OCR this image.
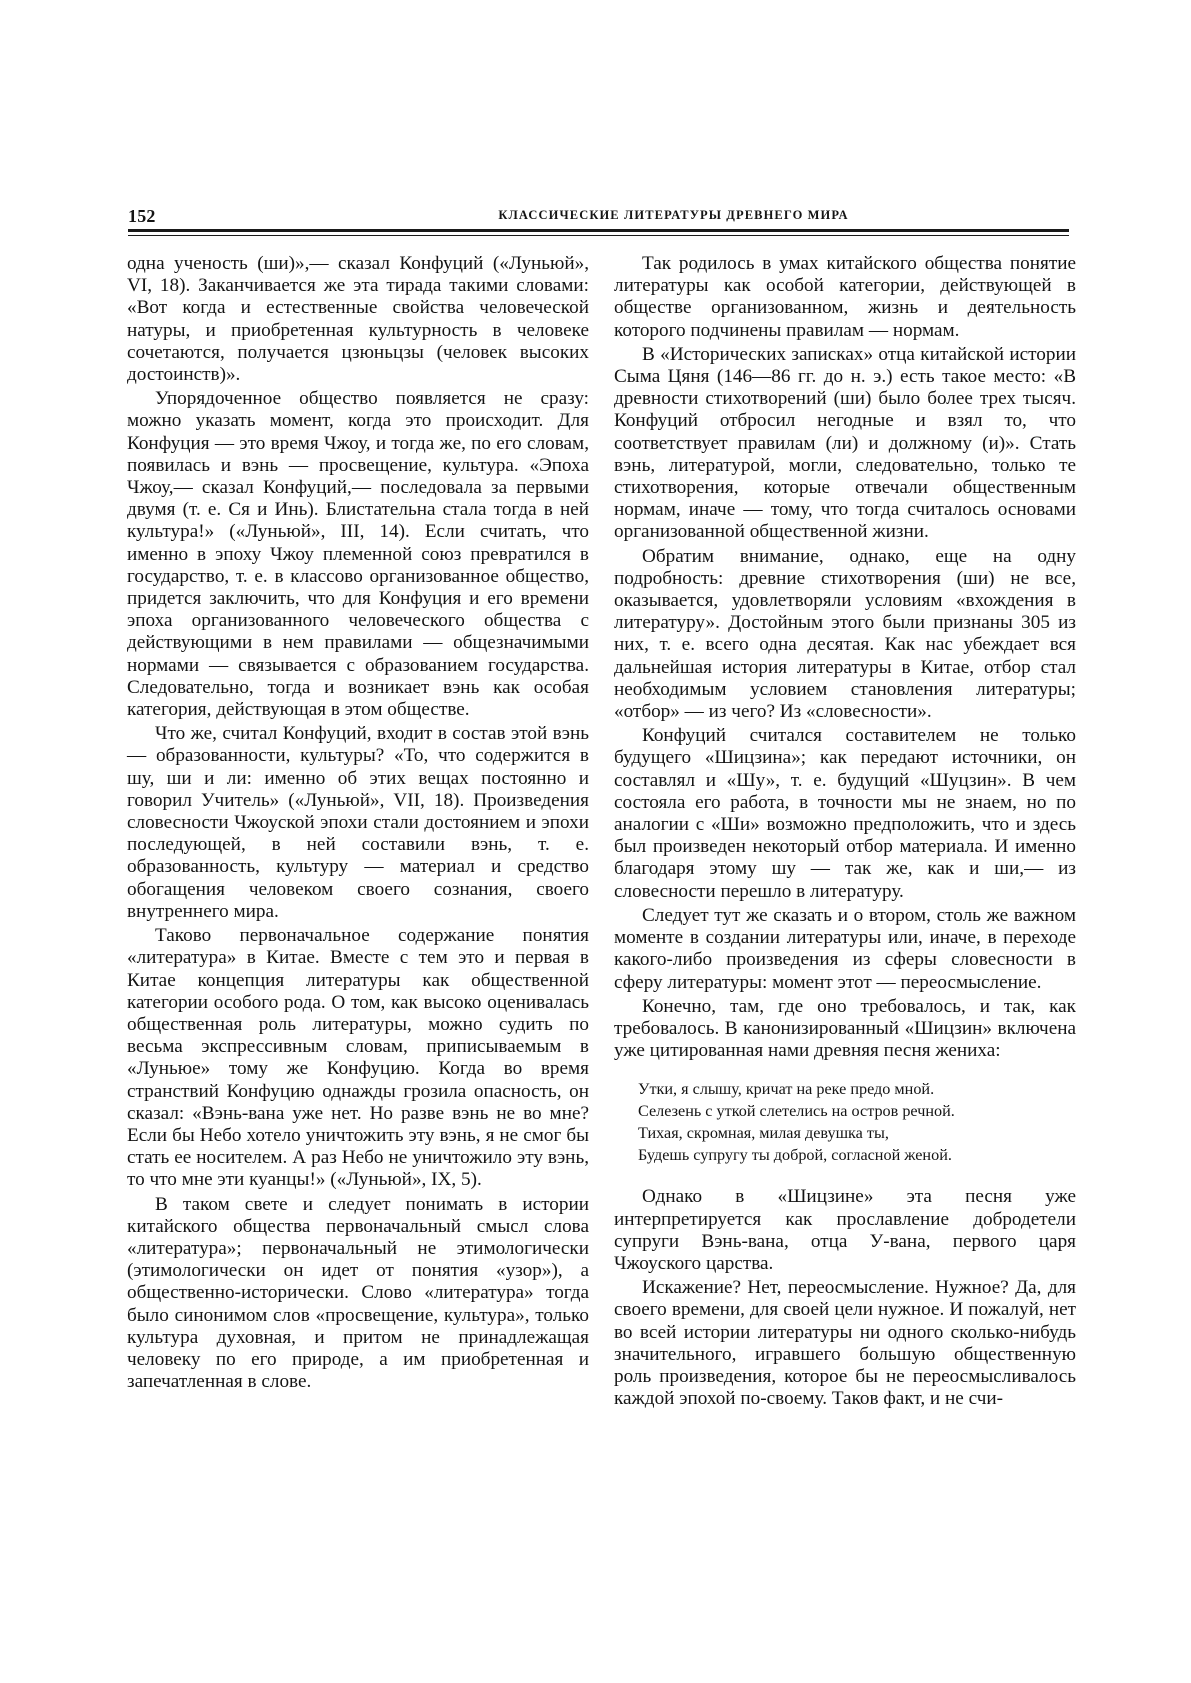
152	КЛАССИЧЕСКИЕ ЛИТЕРАТУРЫ ДРЕВНЕГО МИРА

одна ученость (ши)»,— сказал Конфуций («Луньюй», VI, 18). Заканчивается же эта тирада такими словами: «Вот когда и естественные свойства человеческой натуры, и приобретенная культурность в человеке сочетаются, получается цзюньцзы (человек высоких достоинств)».

Упорядоченное общество появляется не сразу: можно указать момент, когда это происходит. Для Конфуция — это время Чжоу, и тогда же, по его словам, появилась и вэнь — просвещение, культура. «Эпоха Чжоу,— сказал Конфуций,— последовала за первыми двумя (т. е. Ся и Инь). Блистательна стала тогда в ней культура!» («Луньюй», III, 14). Если считать, что именно в эпоху Чжоу племенной союз превратился в государство, т. е. в классово организованное общество, придется заключить, что для Конфуция и его времени эпоха организованного человеческого общества с действующими в нем правилами — общезначимыми нормами — связывается с образованием государства. Следовательно, тогда и возникает вэнь как особая категория, действующая в этом обществе.

Что же, считал Конфуций, входит в состав этой вэнь — образованности, культуры? «То, что содержится в шу, ши и ли: именно об этих вещах постоянно и говорил Учитель» («Луньюй», VII, 18). Произведения словесности Чжоуской эпохи стали достоянием и эпохи последующей, в ней составили вэнь, т. е. образованность, культуру — материал и средство обогащения человеком своего сознания, своего внутреннего мира.

Таково первоначальное содержание понятия «литература» в Китае. Вместе с тем это и первая в Китае концепция литературы как общественной категории особого рода. О том, как высоко оценивалась общественная роль литературы, можно судить по весьма экспрессивным словам, приписываемым в «Луньюе» тому же Конфуцию. Когда во время странствий Конфуцию однажды грозила опасность, он сказал: «Вэнь-вана уже нет. Но разве вэнь не во мне? Если бы Небо хотело уничтожить эту вэнь, я не смог бы стать ее носителем. А раз Небо не уничтожило эту вэнь, то что мне эти куанцы!» («Луньюй», IX, 5).

В таком свете и следует понимать в истории китайского общества первоначальный смысл слова «литература»; первоначальный не этимологически (этимологически он идет от понятия «узор»), а общественно-исторически. Слово «литература» тогда было синонимом слов «просвещение, культура», только культура духовная, и притом не принадлежащая человеку по его природе, а им приобретенная и запечатленная в слове.

Так родилось в умах китайского общества понятие литературы как особой категории, действующей в обществе организованном, жизнь и деятельность которого подчинены правилам — нормам.

В «Исторических записках» отца китайской истории Сыма Цяня (146—86 гг. до н. э.) есть такое место: «В древности стихотворений (ши) было более трех тысяч. Конфуций отбросил негодные и взял то, что соответствует правилам (ли) и должному (и)». Стать вэнь, литературой, могли, следовательно, только те стихотворения, которые отвечали общественным нормам, иначе — тому, что тогда считалось основами организованной общественной жизни.

Обратим внимание, однако, еще на одну подробность: древние стихотворения (ши) не все, оказывается, удовлетворяли условиям «вхождения в литературу». Достойным этого были признаны 305 из них, т. е. всего одна десятая. Как нас убеждает вся дальнейшая история литературы в Китае, отбор стал необходимым условием становления литературы; «отбор» — из чего? Из «словесности».

Конфуций считался составителем не только будущего «Шицзина»; как передают источники, он составлял и «Шу», т. е. будущий «Шуцзин». В чем состояла его работа, в точности мы не знаем, но по аналогии с «Ши» возможно предположить, что и здесь был произведен некоторый отбор материала. И именно благодаря этому шу — так же, как и ши,— из словесности перешло в литературу.

Следует тут же сказать и о втором, столь же важном моменте в создании литературы или, иначе, в переходе какого-либо произведения из сферы словесности в сферу литературы: момент этот — переосмысление.

Конечно, там, где оно требовалось, и так, как требовалось. В канонизированный «Шицзин» включена уже цитированная нами древняя песня жениха:

Утки, я слышу, кричат на реке предо мной.
Селезень с уткой слетелись на остров речной.
Тихая, скромная, милая девушка ты,
Будешь супругу ты доброй, согласной женой.

Однако в «Шицзине» эта песня уже интерпретируется как прославление добродетели супруги Вэнь-вана, отца У-вана, первого царя Чжоуского царства.

Искажение? Нет, переосмысление. Нужное? Да, для своего времени, для своей цели нужное. И пожалуй, нет во всей истории литературы ни одного сколько-нибудь значительного, игравшего большую общественную роль произведения, которое бы не переосмысливалось каждой эпохой по-своему. Таков факт, и не счи-
